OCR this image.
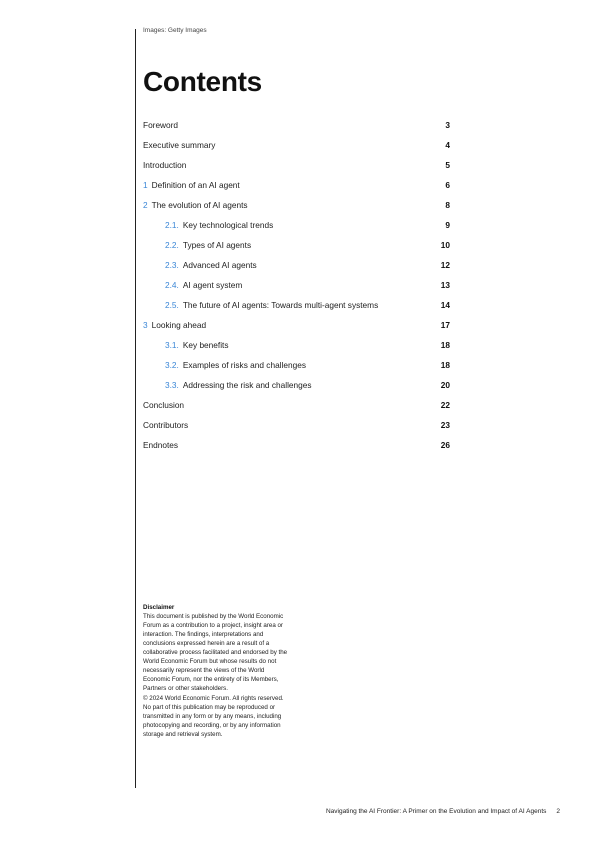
Images: Getty Images
Contents
Foreword	3
Executive summary	4
Introduction	5
1 Definition of an AI agent	6
2 The evolution of AI agents	8
2.1. Key technological trends	9
2.2. Types of AI agents	10
2.3. Advanced AI agents	12
2.4. AI agent system	13
2.5. The future of AI agents: Towards multi-agent systems	14
3 Looking ahead	17
3.1. Key benefits	18
3.2. Examples of risks and challenges	18
3.3. Addressing the risk and challenges	20
Conclusion	22
Contributors	23
Endnotes	26
Disclaimer

This document is published by the World Economic Forum as a contribution to a project, insight area or interaction. The findings, interpretations and conclusions expressed herein are a result of a collaborative process facilitated and endorsed by the World Economic Forum but whose results do not necessarily represent the views of the World Economic Forum, nor the entirety of its Members, Partners or other stakeholders.

© 2024 World Economic Forum. All rights reserved. No part of this publication may be reproduced or transmitted in any form or by any means, including photocopying and recording, or by any information storage and retrieval system.

Navigating the AI Frontier: A Primer on the Evolution and Impact of AI Agents 2
